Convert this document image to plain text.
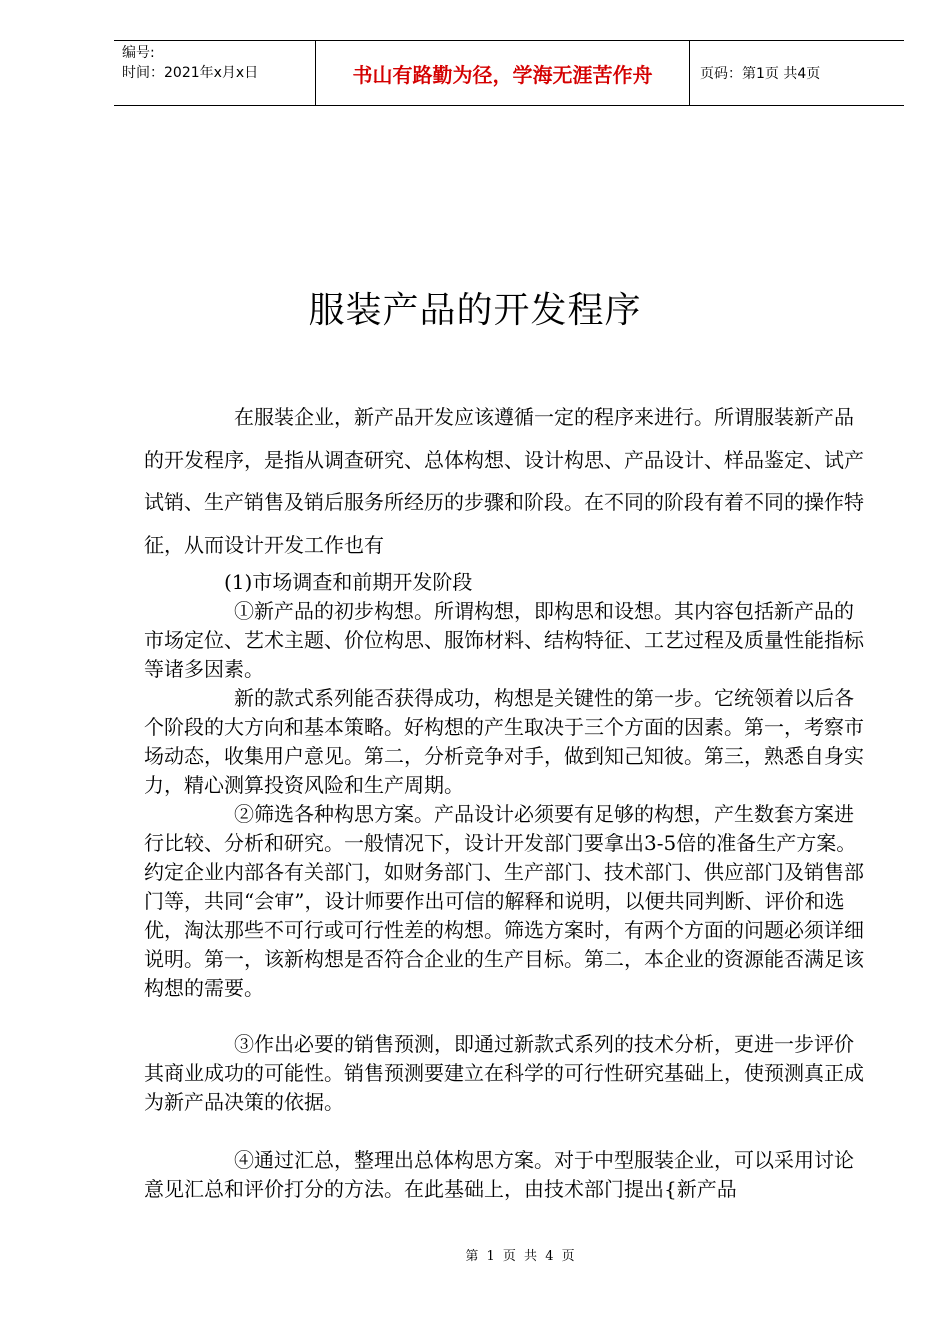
编号:
时间：2021年x月x日	书山有路勤为径，学海无涯苦作舟	页码：第1页 共4页
服装产品的开发程序

在服装企业，新产品开发应该遵循一定的程序来进行。所谓服装新产品的开发程序，是指从调查研究、总体构想、设计构思、产品设计、样品鉴定、试产试销、生产销售及销后服务所经历的步骤和阶段。在不同的阶段有着不同的操作特征，从而设计开发工作也有

(1)市场调查和前期开发阶段

①新产品的初步构想。所谓构想，即构思和设想。其内容包括新产品的市场定位、艺术主题、价位构思、服饰材料、结构特征、工艺过程及质量性能指标等诸多因素。

新的款式系列能否获得成功，构想是关键性的第一步。它统领着以后各个阶段的大方向和基本策略。好构想的产生取决于三个方面的因素。第一，考察市场动态，收集用户意见。第二，分析竞争对手，做到知己知彼。第三，熟悉自身实力，精心测算投资风险和生产周期。

②筛选各种构思方案。产品设计必须要有足够的构想，产生数套方案进行比较、分析和研究。一般情况下，设计开发部门要拿出3-5倍的准备生产方案。约定企业内部各有关部门，如财务部门、生产部门、技术部门、供应部门及销售部门等，共同“会审”，设计师要作出可信的解释和说明，以便共同判断、评价和选优，淘汰那些不可行或可行性差的构想。筛选方案时，有两个方面的问题必须详细说明。第一，该新构想是否符合企业的生产目标。第二，本企业的资源能否满足该构想的需要。

③作出必要的销售预测，即通过新款式系列的技术分析，更进一步评价其商业成功的可能性。销售预测要建立在科学的可行性研究基础上，使预测真正成为新产品决策的依据。

④通过汇总，整理出总体构思方案。对于中型服装企业，可以采用讨论意见汇总和评价打分的方法。在此基础上，由技术部门提出{新产品

第 1 页 共 4 页
